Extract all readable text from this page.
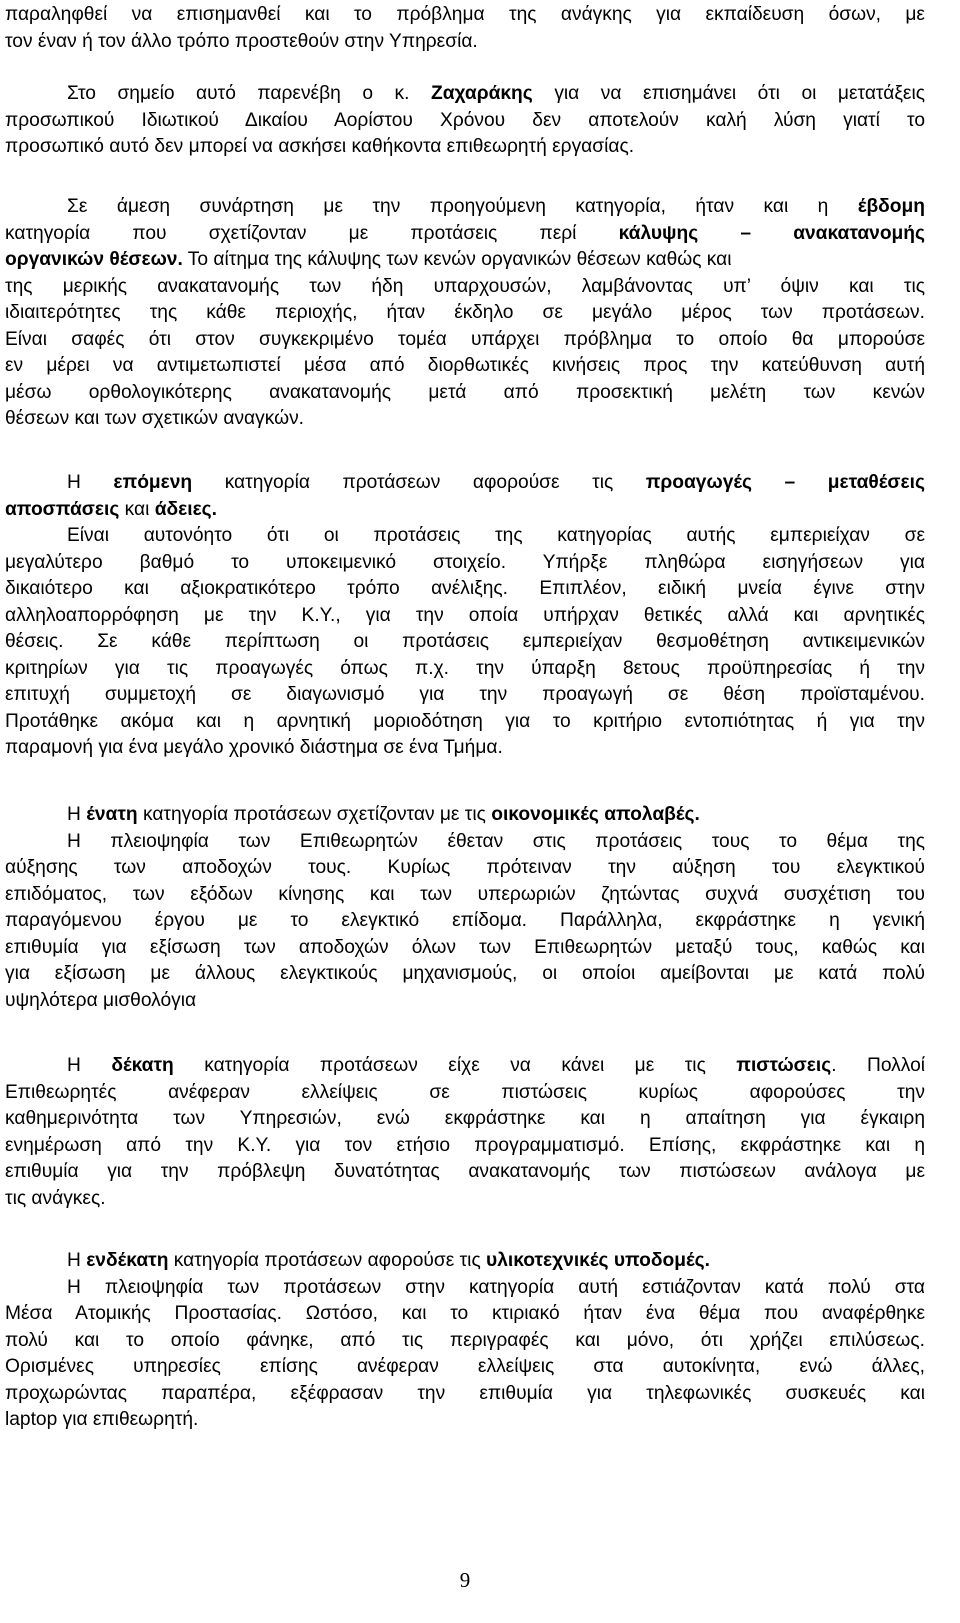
παραληφθεί να επισημανθεί και το πρόβλημα της ανάγκης για εκπαίδευση όσων, με
τον έναν ή τον άλλο τρόπο προστεθούν στην Υπηρεσία.
Στο σημείο αυτό παρενέβη ο κ. Ζαχαράκης για να επισημάνει ότι οι μετατάξεις
προσωπικού Ιδιωτικού Δικαίου Αορίστου Χρόνου δεν αποτελούν καλή λύση γιατί το
προσωπικό αυτό δεν μπορεί να ασκήσει καθήκοντα επιθεωρητή εργασίας.
Σε άμεση συνάρτηση με την προηγούμενη κατηγορία, ήταν και η έβδομη
κατηγορία που σχετίζονταν με προτάσεις περί κάλυψης – ανακατανομής
οργανικών θέσεων. Το αίτημα της κάλυψης των κενών οργανικών θέσεων καθώς και
της μερικής ανακατανομής των ήδη υπαρχουσών, λαμβάνοντας υπ’ όψιν και τις
ιδιαιτερότητες της κάθε περιοχής, ήταν έκδηλο σε μεγάλο μέρος των προτάσεων.
Είναι σαφές ότι στον συγκεκριμένο τομέα υπάρχει πρόβλημα το οποίο θα μπορούσε
εν μέρει να αντιμετωπιστεί μέσα από διορθωτικές κινήσεις προς την κατεύθυνση αυτή
μέσω ορθολογικότερης ανακατανομής μετά από προσεκτική μελέτη των κενών
θέσεων και των σχετικών αναγκών.
Η επόμενη κατηγορία προτάσεων αφορούσε τις προαγωγές – μεταθέσεις
αποσπάσεις και άδειες.
Είναι αυτονόητο ότι οι προτάσεις της κατηγορίας αυτής εμπεριείχαν σε
μεγαλύτερο βαθμό το υποκειμενικό στοιχείο. Υπήρξε πληθώρα εισηγήσεων για
δικαιότερο και αξιοκρατικότερο τρόπο ανέλιξης. Επιπλέον, ειδική μνεία έγινε στην
αλληλοαπορρόφηση με την Κ.Υ., για την οποία υπήρχαν θετικές αλλά και αρνητικές
θέσεις. Σε κάθε περίπτωση οι προτάσεις εμπεριείχαν θεσμοθέτηση αντικειμενικών
κριτηρίων για τις προαγωγές όπως π.χ. την ύπαρξη 8ετους προϋπηρεσίας ή την
επιτυχή συμμετοχή σε διαγωνισμό για την προαγωγή σε θέση προϊσταμένου.
Προτάθηκε ακόμα και η αρνητική μοριοδότηση για το κριτήριο εντοπιότητας ή για την
παραμονή για ένα μεγάλο χρονικό διάστημα σε ένα Τμήμα.
Η ένατη κατηγορία προτάσεων σχετίζονταν με τις οικονομικές απολαβές.
Η πλειοψηφία των Επιθεωρητών έθεταν στις προτάσεις τους το θέμα της
αύξησης των αποδοχών τους. Κυρίως πρότειναν την αύξηση του ελεγκτικού
επιδόματος, των εξόδων κίνησης και των υπερωριών ζητώντας συχνά συσχέτιση του
παραγόμενου έργου με το ελεγκτικό επίδομα. Παράλληλα, εκφράστηκε η γενική
επιθυμία για εξίσωση των αποδοχών όλων των Επιθεωρητών μεταξύ τους, καθώς και
για εξίσωση με άλλους ελεγκτικούς μηχανισμούς, οι οποίοι αμείβονται με κατά πολύ
υψηλότερα μισθολόγια
Η δέκατη κατηγορία προτάσεων είχε να κάνει με τις πιστώσεις. Πολλοί
Επιθεωρητές ανέφεραν ελλείψεις σε πιστώσεις κυρίως αφορούσες την
καθημερινότητα των Υπηρεσιών, ενώ εκφράστηκε και η απαίτηση για έγκαιρη
ενημέρωση από την Κ.Υ. για τον ετήσιο προγραμματισμό. Επίσης, εκφράστηκε και η
επιθυμία για την πρόβλεψη δυνατότητας ανακατανομής των πιστώσεων ανάλογα με
τις ανάγκες.
Η ενδέκατη κατηγορία προτάσεων αφορούσε τις υλικοτεχνικές υποδομές.
Η πλειοψηφία των προτάσεων στην κατηγορία αυτή εστιάζονταν κατά πολύ στα
Μέσα Ατομικής Προστασίας. Ωστόσο, και το κτιριακό ήταν ένα θέμα που αναφέρθηκε
πολύ και το οποίο φάνηκε, από τις περιγραφές και μόνο, ότι χρήζει επιλύσεως.
Ορισμένες υπηρεσίες επίσης ανέφεραν ελλείψεις στα αυτοκίνητα, ενώ άλλες,
προχωρώντας παραπέρα, εξέφρασαν την επιθυμία για τηλεφωνικές συσκευές και
laptop για επιθεωρητή.
9
